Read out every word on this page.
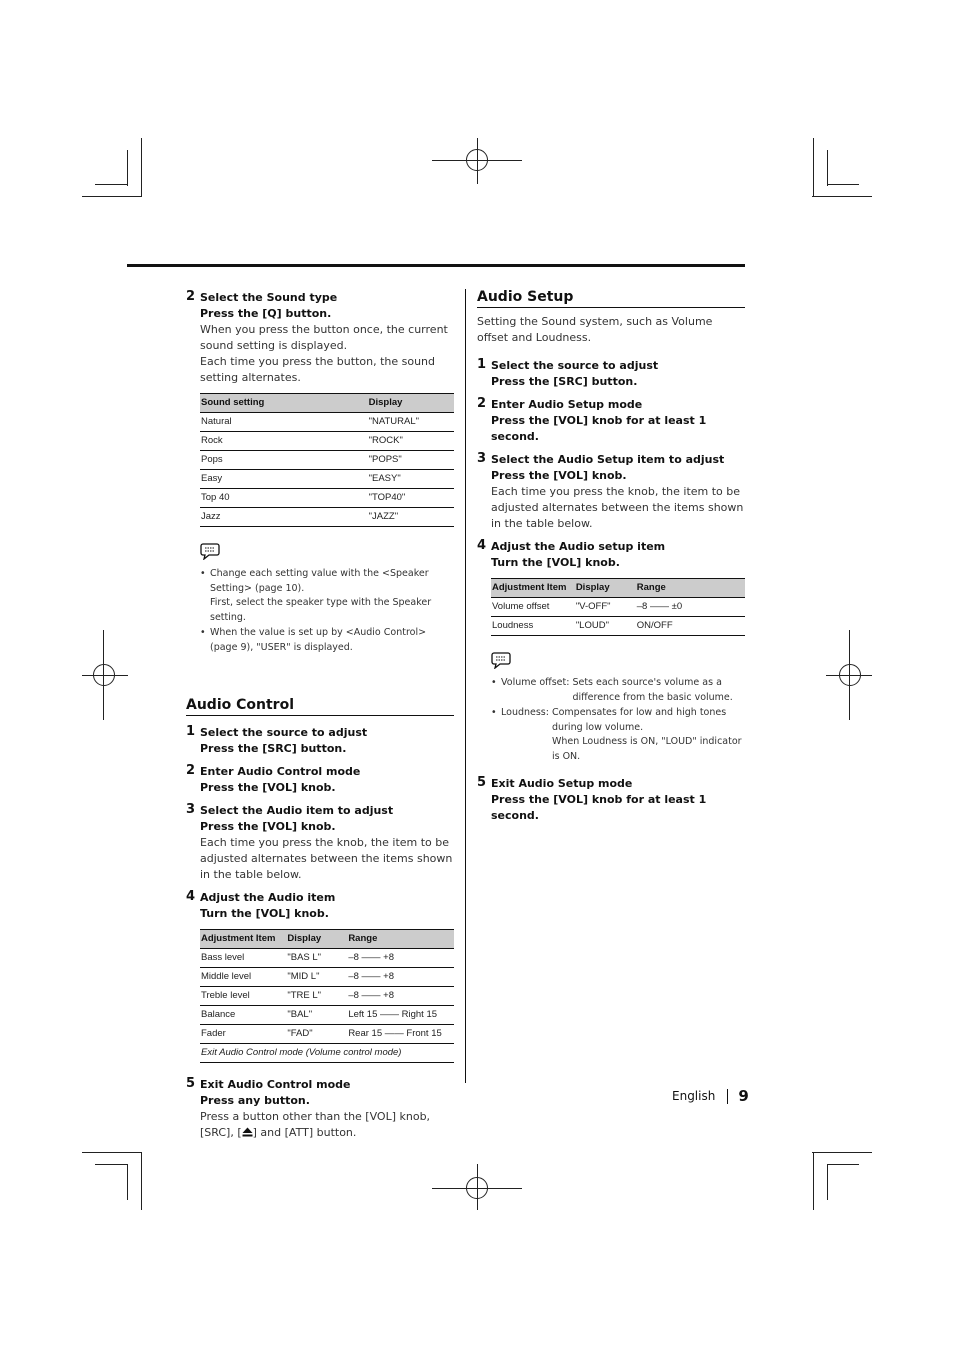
2 Select the Sound type
Press the [Q] button.
When you press the button once, the current sound setting is displayed.
Each time you press the button, the sound setting alternates.
Sound setting	Display
Natural	"NATURAL"
Rock	"ROCK"
Pops	"POPS"
Easy	"EASY"
Top 40	"TOP40"
Jazz	"JAZZ"
• Change each setting value with the <Speaker Setting> (page 10).
First, select the speaker type with the Speaker setting.
• When the value is set up by <Audio Control> (page 9), "USER" is displayed.
Audio Control
1 Select the source to adjust
Press the [SRC] button.
2 Enter Audio Control mode
Press the [VOL] knob.
3 Select the Audio item to adjust
Press the [VOL] knob.
Each time you press the knob, the item to be adjusted alternates between the items shown in the table below.
4 Adjust the Audio item
Turn the [VOL] knob.
Adjustment Item	Display	Range
Bass level	"BAS L"	–8 —— +8
Middle level	"MID L"	–8 —— +8
Treble level	"TRE L"	–8 —— +8
Balance	"BAL"	Left 15 —— Right 15
Fader	"FAD"	Rear 15 —— Front 15
Exit Audio Control mode (Volume control mode)		
5 Exit Audio Control mode
Press any button.
Press a button other than the [VOL] knob, [SRC], [ ] and [ATT] button.
Audio Setup
Setting the Sound system, such as Volume offset and Loudness.
1 Select the source to adjust
Press the [SRC] button.
2 Enter Audio Setup mode
Press the [VOL] knob for at least 1 second.
3 Select the Audio Setup item to adjust
Press the [VOL] knob.
Each time you press the knob, the item to be adjusted alternates between the items shown in the table below.
4 Adjust the Audio setup item
Turn the [VOL] knob.
Adjustment Item	Display	Range
Volume offset	"V-OFF"	–8 —— ±0
Loudness	"LOUD"	ON/OFF
• Volume offset: Sets each source's volume as a difference from the basic volume.
• Loudness: Compensates for low and high tones during low volume.
When Loudness is ON, "LOUD" indicator is ON.
5 Exit Audio Setup mode
Press the [VOL] knob for at least 1 second.
English 9
